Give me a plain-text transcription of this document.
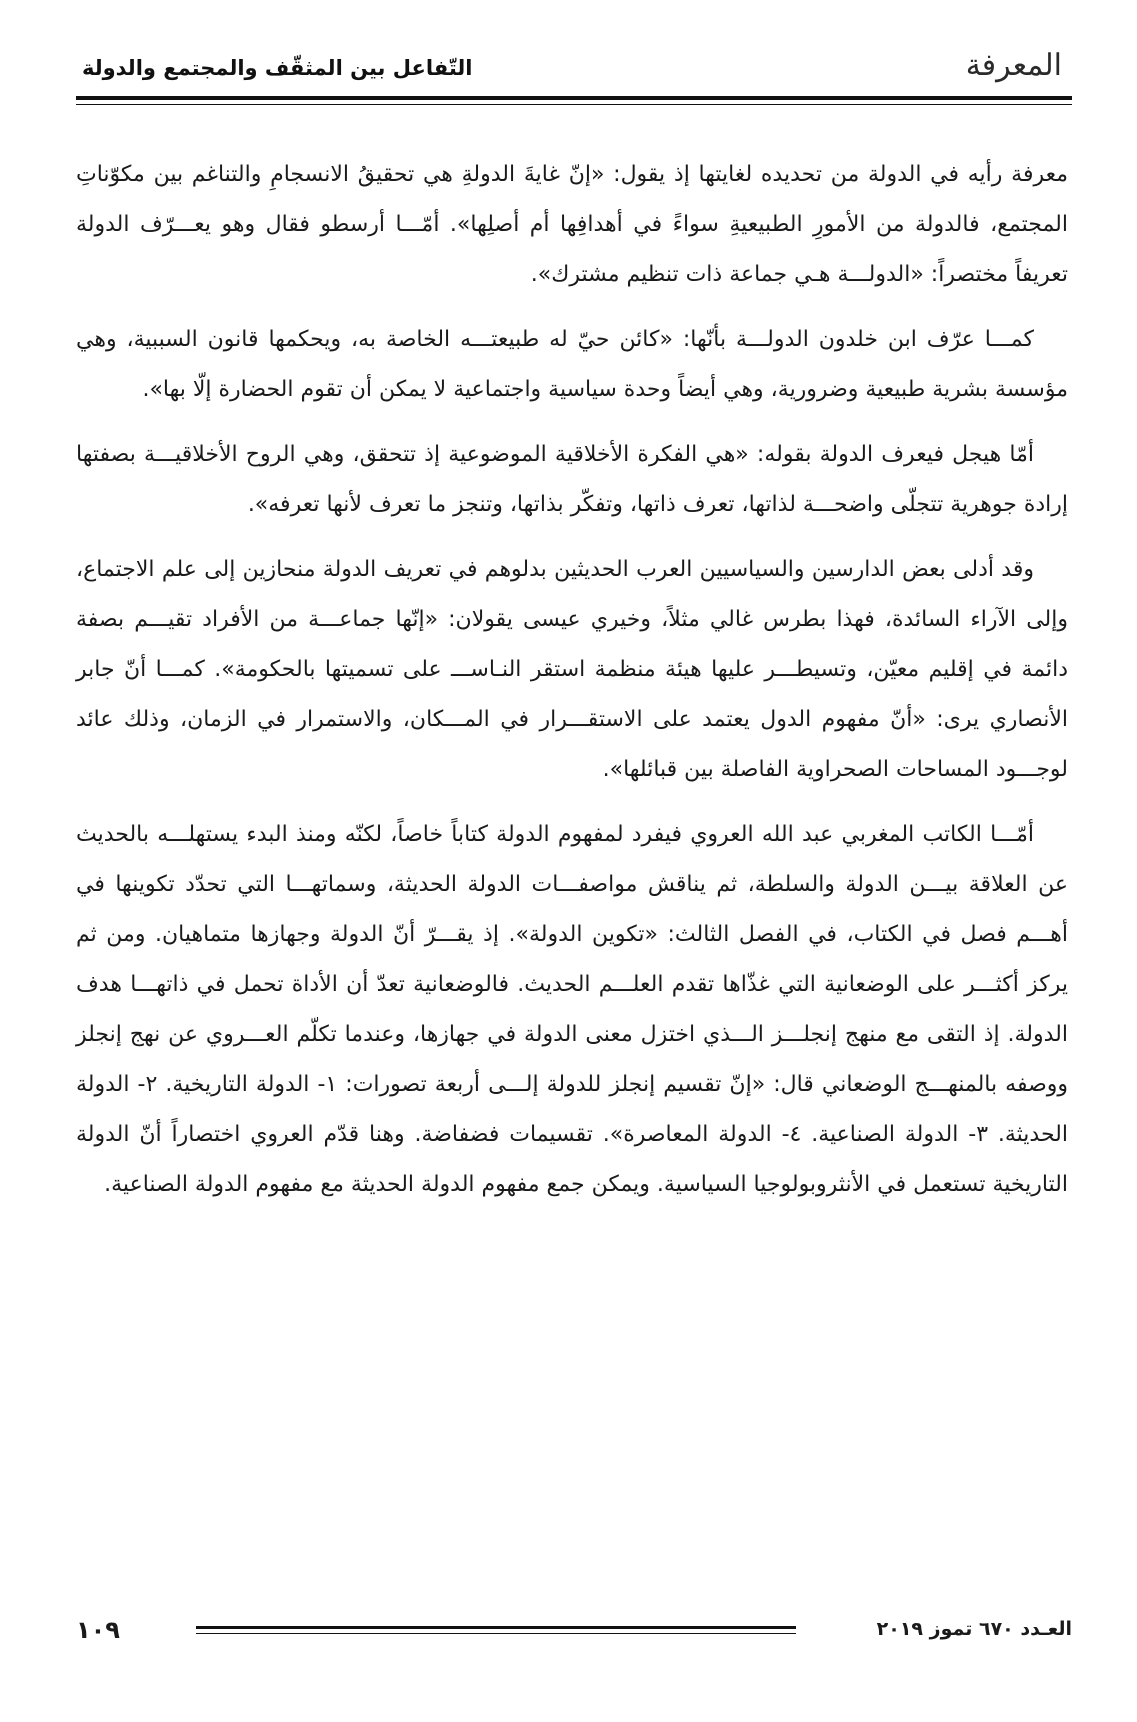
المعرفة
التّفاعل بين المثقّف والمجتمع والدولة

معرفة رأيه في الدولة من تحديده لغايتها إذ يقول: «إنّ غايةَ الدولةِ هي تحقيقُ الانسجامِ والتناغم بين مكوّناتِ المجتمع، فالدولة من الأمورِ الطبيعيةِ سواءً في أهدافِها أم أصلِها». أمّـــا أرسطو فقال وهو يعـــرّف الدولة تعريفاً مختصراً: «الدولـــة هـي جماعة ذات تنظيم مشترك».

كمـــا عرّف ابن خلدون الدولـــة بأنّها: «كائن حيّ له طبيعتـــه الخاصة به، ويحكمها قانون السببية، وهي مؤسسة بشرية طبيعية وضرورية، وهي أيضاً وحدة سياسية واجتماعية لا يمكن أن تقوم الحضارة إلّا بها».

أمّا هيجل فيعرف الدولة بقوله: «هي الفكرة الأخلاقية الموضوعية إذ تتحقق، وهي الروح الأخلاقيـــة بصفتها إرادة جوهرية تتجلّى واضحـــة لذاتها، تعرف ذاتها، وتفكّر بذاتها، وتنجز ما تعرف لأنها تعرفه».

وقد أدلى بعض الدارسين والسياسيين العرب الحديثين بدلوهم في تعريف الدولة منحازين إلى علم الاجتماع، وإلى الآراء السائدة، فهذا بطرس غالي مثلاً، وخيري عيسى يقولان: «إنّها جماعـــة من الأفراد تقيـــم بصفة دائمة في إقليم معيّن، وتسيطـــر عليها هيئة منظمة استقر النـاســـ على تسميتها بالحكومة». كمـــا أنّ جابر الأنصاري يرى: «أنّ مفهوم الدول يعتمد على الاستقـــرار في المـــكان، والاستمرار في الزمان، وذلك عائد لوجـــود المساحات الصحراوية الفاصلة بين قبائلها».

أمّـــا الكاتب المغربي عبد الله العروي فيفرد لمفهوم الدولة كتاباً خاصاً، لكنّه ومنذ البدء يستهلـــه بالحديث عن العلاقة بيـــن الدولة والسلطة، ثم يناقش مواصفـــات الدولة الحديثة، وسماتهـــا التي تحدّد تكوينها في أهـــم فصل في الكتاب، في الفصل الثالث: «تكوين الدولة». إذ يقـــرّ أنّ الدولة وجهازها متماهيان. ومن ثم يركز أكثـــر على الوضعانية التي غذّاها تقدم العلـــم الحديث. فالوضعانية تعدّ أن الأداة تحمل في ذاتهـــا هدف الدولة. إذ التقى مع منهج إنجلـــز الـــذي اختزل معنى الدولة في جهازها، وعندما تكلّم العـــروي عن نهج إنجلز ووصفه بالمنهـــج الوضعاني قال: «إنّ تقسيم إنجلز للدولة إلـــى أربعة تصورات: ١- الدولة التاريخية. ٢- الدولة الحديثة. ٣- الدولة الصناعية. ٤- الدولة المعاصرة». تقسيمات فضفاضة. وهنا قدّم العروي اختصاراً أنّ الدولة التاريخية تستعمل في الأنثروبولوجيا السياسية. ويمكن جمع مفهوم الدولة الحديثة مع مفهوم الدولة الصناعية.

العـدد ٦٧٠ تموز ٢٠١٩
١٠٩
